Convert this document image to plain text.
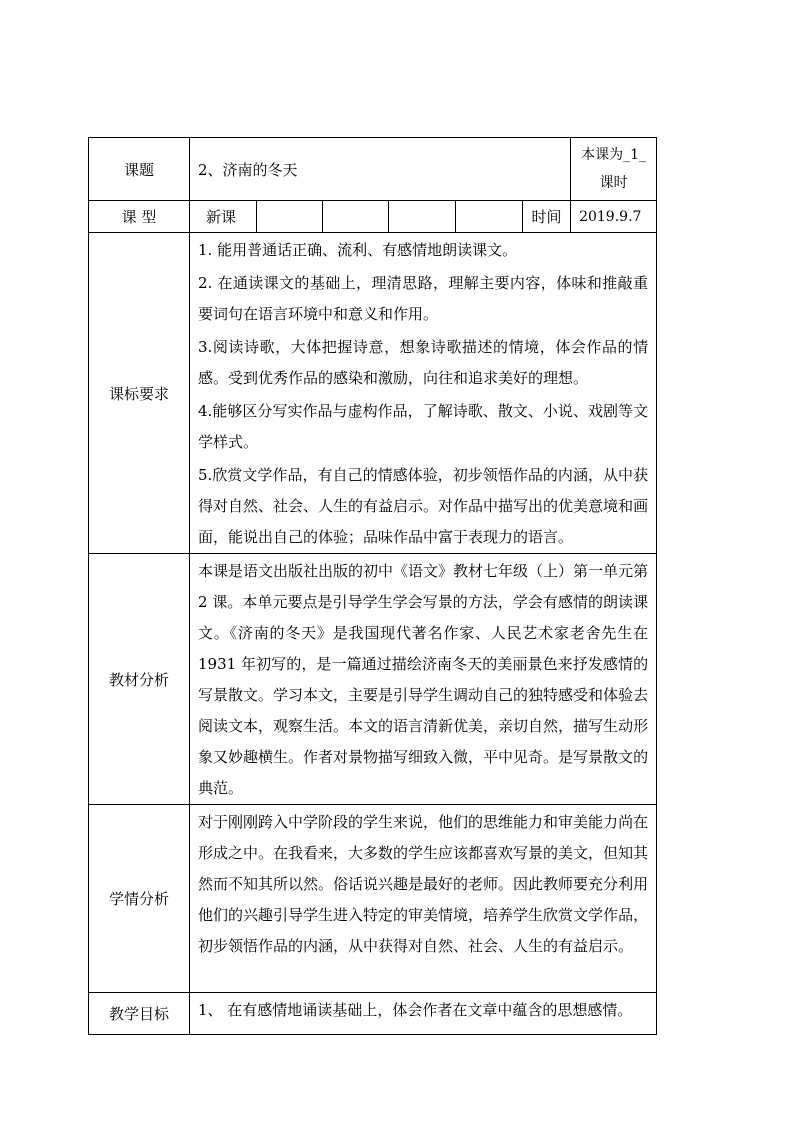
课题	2、济南的冬天						本课为_1_
课时

课 型	新课					时间	2019.9.7
课标要求	1. 能用普通话正确、流利、有感情地朗读课文。

2. 在通读课文的基础上，理清思路，理解主要内容，体味和推敲重要词句在语言环境中和意义和作用。

3.阅读诗歌，大体把握诗意，想象诗歌描述的情境，体会作品的情感。受到优秀作品的感染和激励，向往和追求美好的理想。

4.能够区分写实作品与虚构作品，了解诗歌、散文、小说、戏剧等文学样式。

5.欣赏文学作品，有自己的情感体验，初步领悟作品的内涵，从中获得对自然、社会、人生的有益启示。对作品中描写出的优美意境和画面，能说出自己的体验；品味作品中富于表现力的语言。						

教材分析	本课是语文出版社出版的初中《语文》教材七年级（上）第一单元第 2 课。本单元要点是引导学生学会写景的方法，学会有感情的朗读课文。《济南的冬天》是我国现代著名作家、人民艺术家老舍先生在 1931 年初写的，是一篇通过描绘济南冬天的美丽景色来抒发感情的写景散文。学习本文，主要是引导学生调动自己的独特感受和体验去阅读文本，观察生活。本文的语言清新优美，亲切自然，描写生动形象又妙趣横生。作者对景物描写细致入微，平中见奇。是写景散文的典范。						

学情分析	对于刚刚跨入中学阶段的学生来说，他们的思维能力和审美能力尚在形成之中。在我看来，大多数的学生应该都喜欢写景的美文，但知其然而不知其所以然。俗话说兴趣是最好的老师。因此教师要充分利用他们的兴趣引导学生进入特定的审美情境，培养学生欣赏文学作品，初步领悟作品的内涵，从中获得对自然、社会、人生的有益启示。						

教学目标	1、 在有感情地诵读基础上，体会作者在文章中蕴含的思想感情。						
